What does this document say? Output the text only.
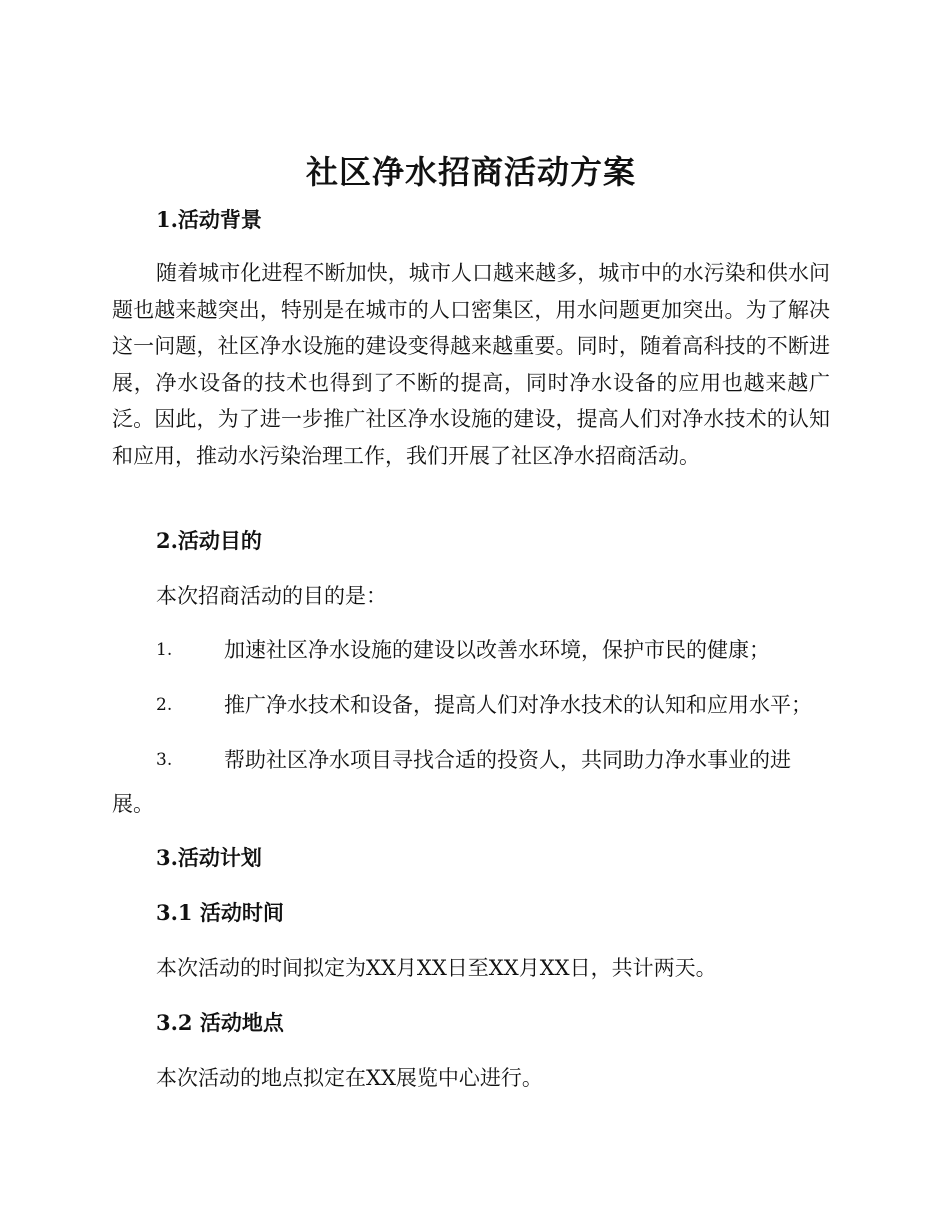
社区净水招商活动方案
1.活动背景
随着城市化进程不断加快，城市人口越来越多，城市中的水污染和供水问题也越来越突出，特别是在城市的人口密集区，用水问题更加突出。为了解决这一问题，社区净水设施的建设变得越来越重要。同时，随着高科技的不断进展，净水设备的技术也得到了不断的提高，同时净水设备的应用也越来越广泛。因此，为了进一步推广社区净水设施的建设，提高人们对净水技术的认知和应用，推动水污染治理工作，我们开展了社区净水招商活动。
2.活动目的
本次招商活动的目的是：
1.	加速社区净水设施的建设以改善水环境，保护市民的健康；
2.	推广净水技术和设备，提高人们对净水技术的认知和应用水平；
3.	帮助社区净水项目寻找合适的投资人，共同助力净水事业的进展。
3.活动计划
3.1 活动时间
本次活动的时间拟定为XX月XX日至XX月XX日，共计两天。
3.2 活动地点
本次活动的地点拟定在XX展览中心进行。
